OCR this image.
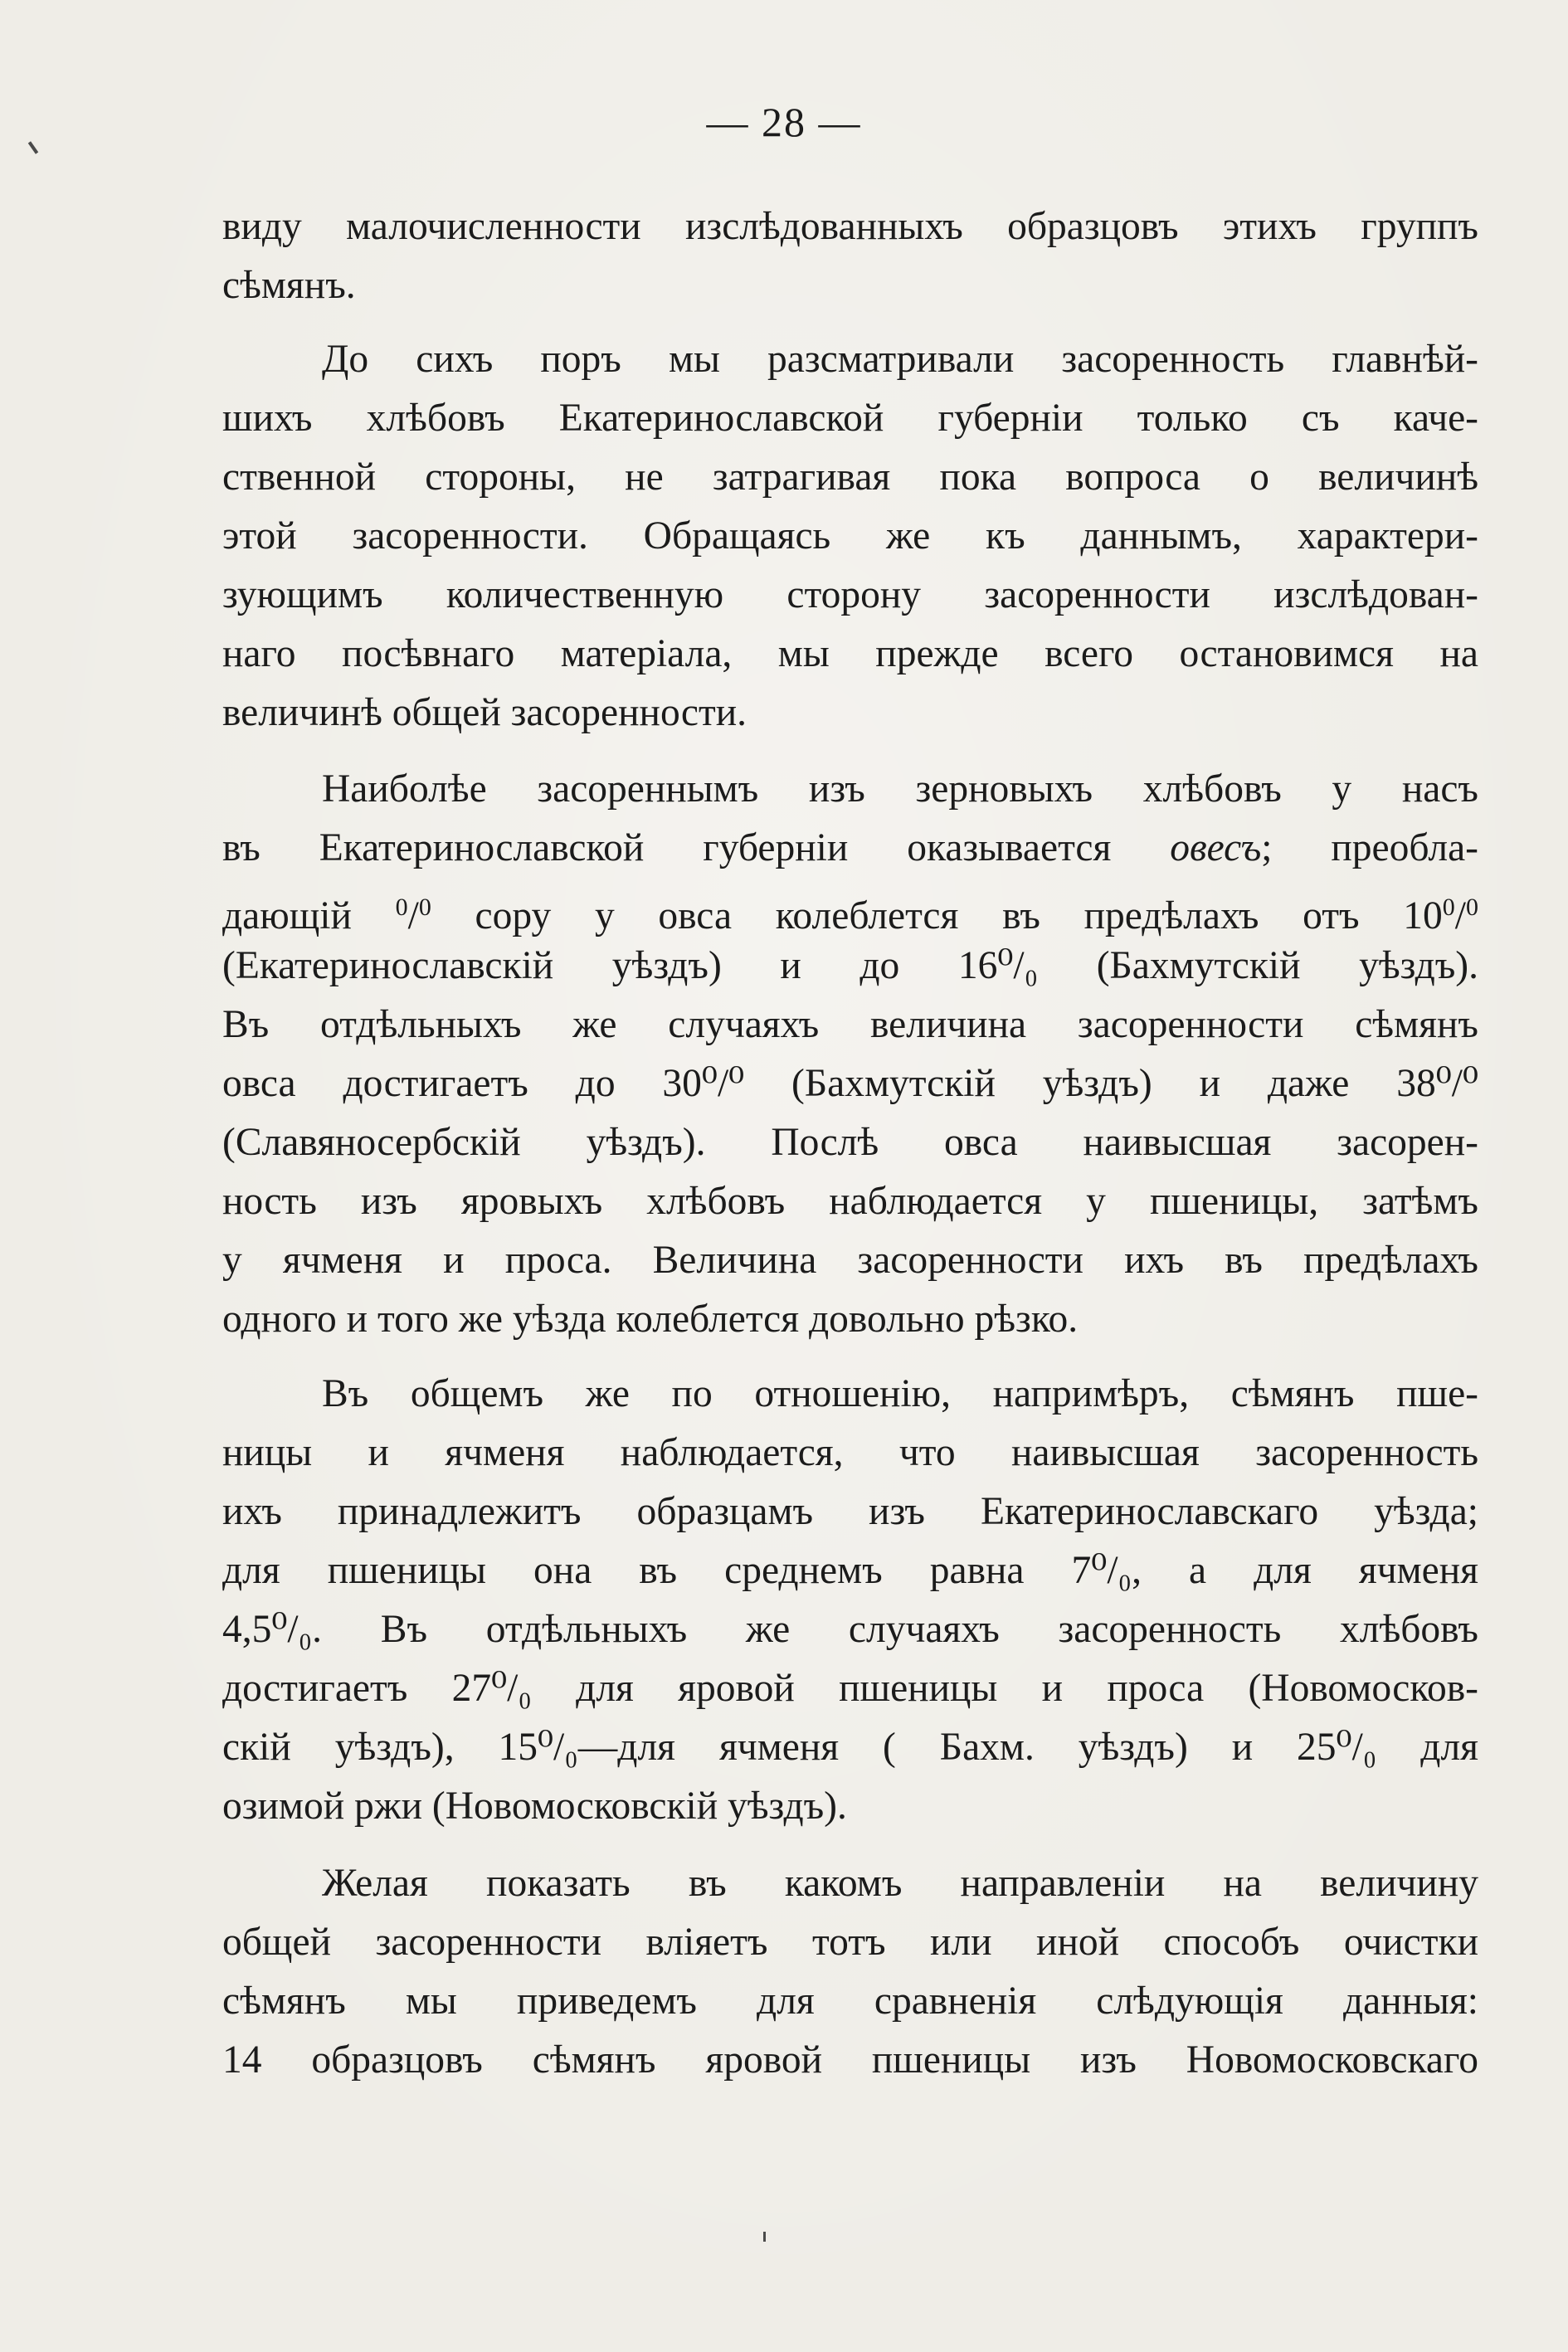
— 28 —
виду малочисленности изслѣдованныхъ образцовъ этихъ группъ
сѣмянъ.
До сихъ поръ мы разсматривали засоренность главнѣй-
шихъ хлѣбовъ Екатеринославской губерніи только съ каче-
ственной стороны, не затрагивая пока вопроса о величинѣ
этой засоренности. Обращаясь же къ даннымъ, характери-
зующимъ количественную сторону засоренности изслѣдован-
наго посѣвнаго матеріала, мы прежде всего остановимся на
величинѣ общей засоренности.
Наиболѣе засореннымъ изъ зерновыхъ хлѣбовъ у насъ
въ Екатеринославской губерніи оказывается овесъ; преобла-
дающій $^0$/$^0$ сору у овса колеблется въ предѣлахъ отъ $10^0/^0$
(Екатеринославскій уѣздъ) и до 16⁰/₀ (Бахмутскій уѣздъ).
Въ отдѣльныхъ же случаяхъ величина засоренности сѣмянъ
овса достигаетъ до 30⁰/⁰ (Бахмутскій уѣздъ) и даже 38⁰/⁰
(Славяносербскій уѣздъ). Послѣ овса наивысшая засорен-
ность изъ яровыхъ хлѣбовъ наблюдается у пшеницы, затѣмъ
у ячменя и проса. Величина засоренности ихъ въ предѣлахъ
одного и того же уѣзда колеблется довольно рѣзко.
Въ общемъ же по отношенію, напримѣръ, сѣмянъ пше-
ницы и ячменя наблюдается, что наивысшая засоренность
ихъ принадлежитъ образцамъ изъ Екатеринославскаго уѣзда;
для пшеницы она въ среднемъ равна 7⁰/₀, а для ячменя
4,5⁰/₀. Въ отдѣльныхъ же случаяхъ засоренность хлѣбовъ
достигаетъ 27⁰/₀ для яровой пшеницы и проса (Новомосков-
скій уѣздъ), 15⁰/₀—для ячменя ( Бахм. уѣздъ) и 25⁰/₀ для
озимой ржи (Новомосковскій уѣздъ).
Желая показать въ какомъ направленіи на величину
общей засоренности вліяетъ тотъ или иной способъ очистки
сѣмянъ мы приведемъ для сравненія слѣдующія данныя:
14 образцовъ сѣмянъ яровой пшеницы изъ Новомосковскаго
